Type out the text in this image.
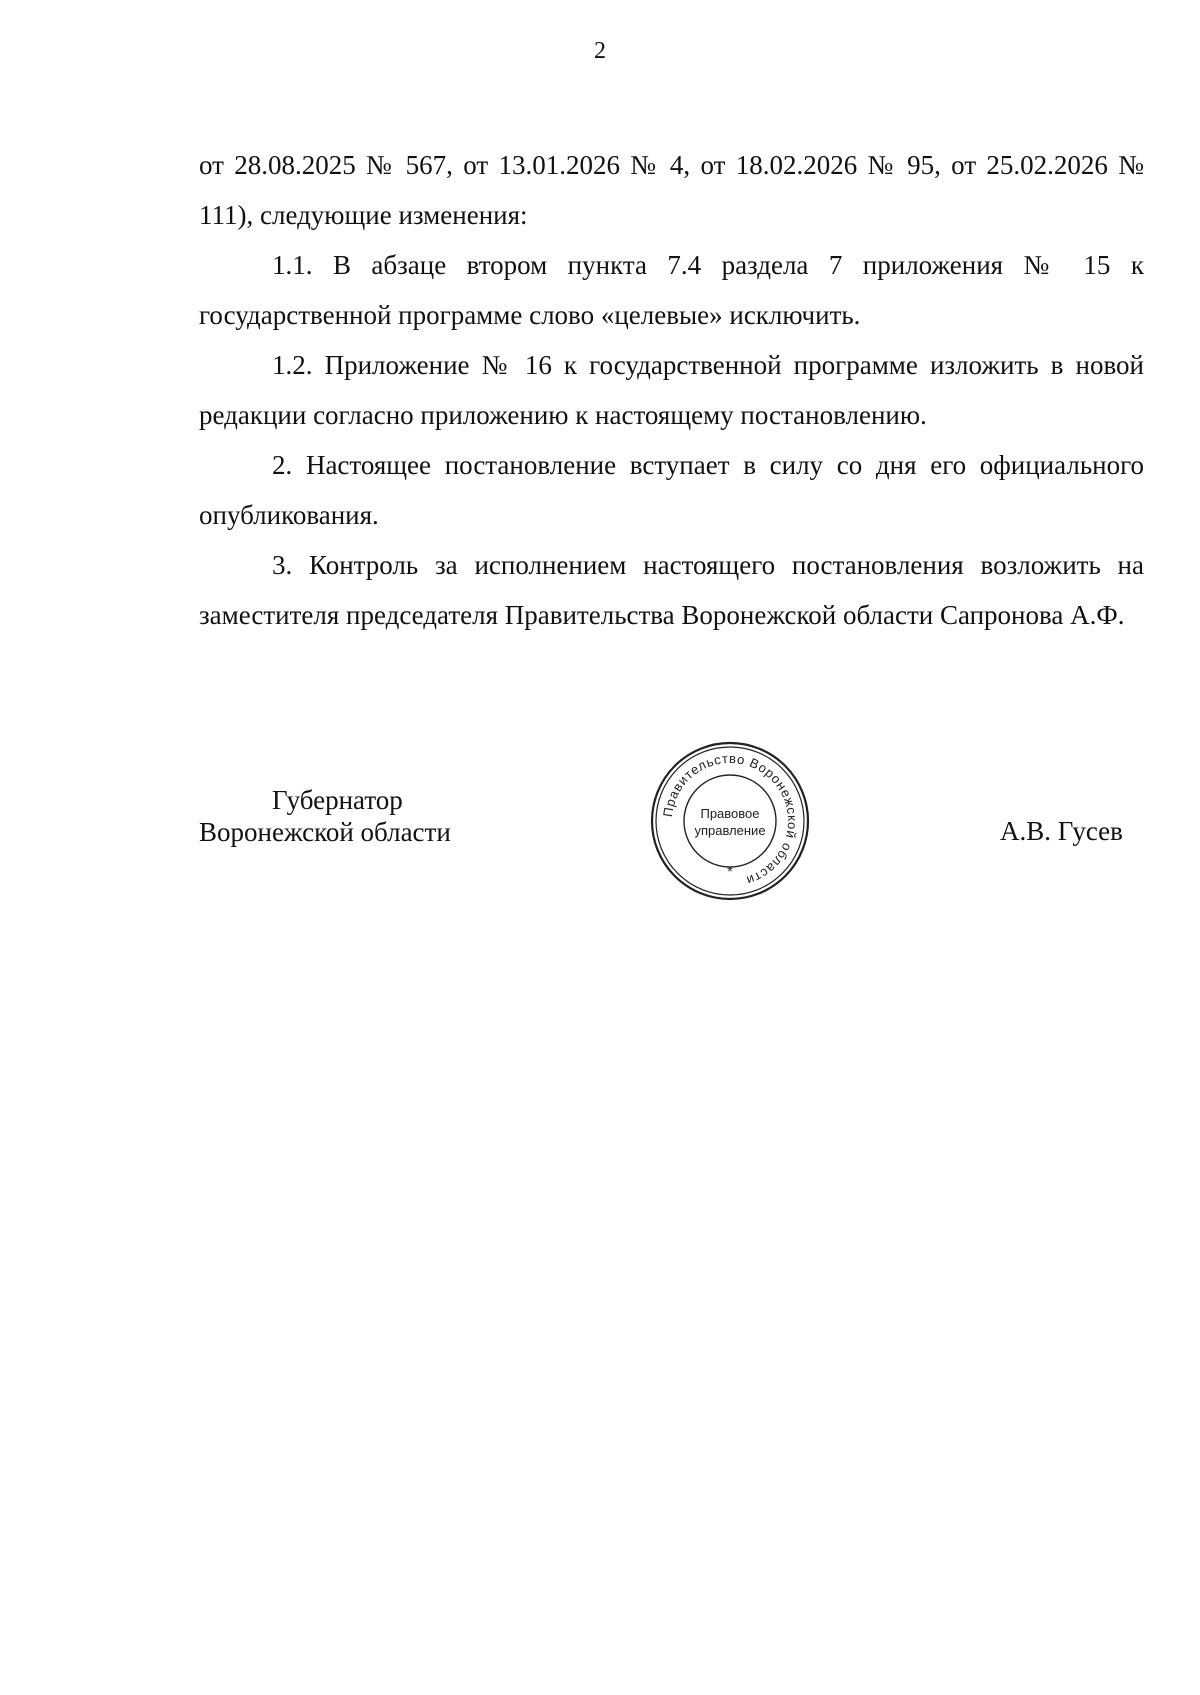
2

от 28.08.2025 № 567, от 13.01.2026 № 4, от 18.02.2026 № 95, от 25.02.2026 № 111), следующие изменения:

1.1. В абзаце втором пункта 7.4 раздела 7 приложения № 15 к государственной программе слово «целевые» исключить.

1.2. Приложение № 16 к государственной программе изложить в новой редакции согласно приложению к настоящему постановлению.

2. Настоящее постановление вступает в силу со дня его официального опубликования.

3. Контроль за исполнением настоящего постановления возложить на заместителя председателя Правительства Воронежской области Сапронова А.Ф.

Губернатор
Воронежской области	А.В. Гусев
Правительство Воронежской области
Правовое
управление
*
